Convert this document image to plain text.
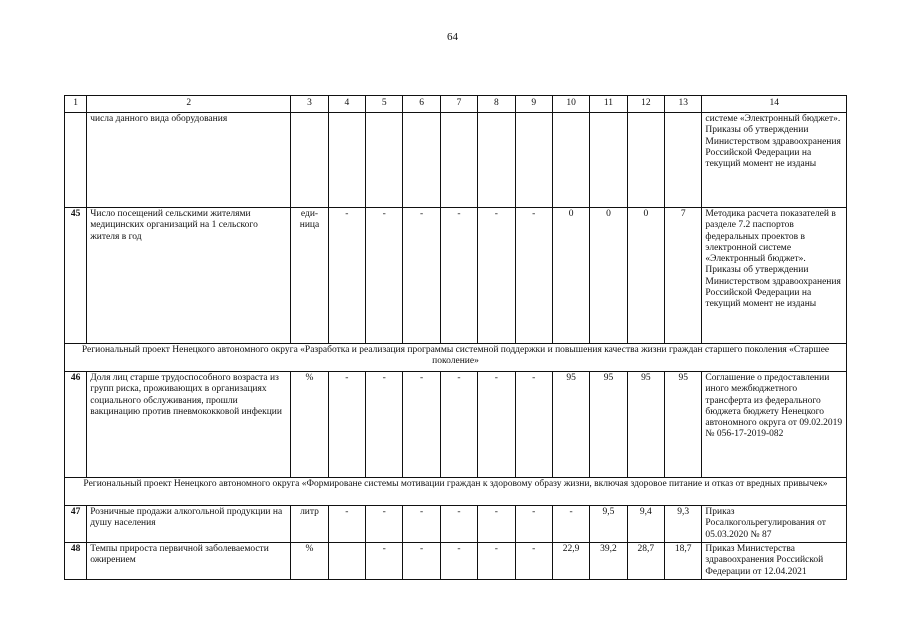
64
1	2	3	4	5	6	7	8	9	10	11	12	13	14
	числа данного вида оборудования												системе «Электронный бюджет». Приказы об утверждении Министерством здравоохранения Российской Федерации на текущий момент не изданы
45	Число посещений сельскими жителями медицинских организаций на 1 сельского жителя в год	еди-ница	-	-	-	-	-	-	0	0	0	7	Методика расчета показателей в разделе 7.2 паспортов федеральных проектов в электронной системе «Электронный бюджет». Приказы об утверждении Министерством здравоохранения Российской Федерации на текущий момент не изданы
Региональный проект Ненецкого автономного округа «Разработка и реализация программы системной поддержки и повышения качества жизни граждан старшего поколения «Старшее поколение»													
46	Доля лиц старше трудоспособного возраста из групп риска, проживающих в организациях социального обслуживания, прошли вакцинацию против пневмококковой инфекции	%	-	-	-	-	-	-	95	95	95	95	Соглашение о предоставлении иного межбюджетного трансферта из федерального бюджета бюджету Ненецкого автономного округа от 09.02.2019 № 056-17-2019-082
Региональный проект Ненецкого автономного округа «Формироване системы мотивации граждан к здоровому образу жизни, включая здоровое питание и отказ от вредных привычек»													
47	Розничные продажи алкогольной продукции на душу населения	литр	-	-	-	-	-	-	-	9,5	9,4	9,3	Приказ Росалкогольрегулирования от 05.03.2020 № 87
48	Темпы прироста первичной заболеваемости ожирением	%		-	-	-	-	-	22,9	39,2	28,7	18,7	Приказ Министерства здравоохранения Российской Федерации от 12.04.2021
